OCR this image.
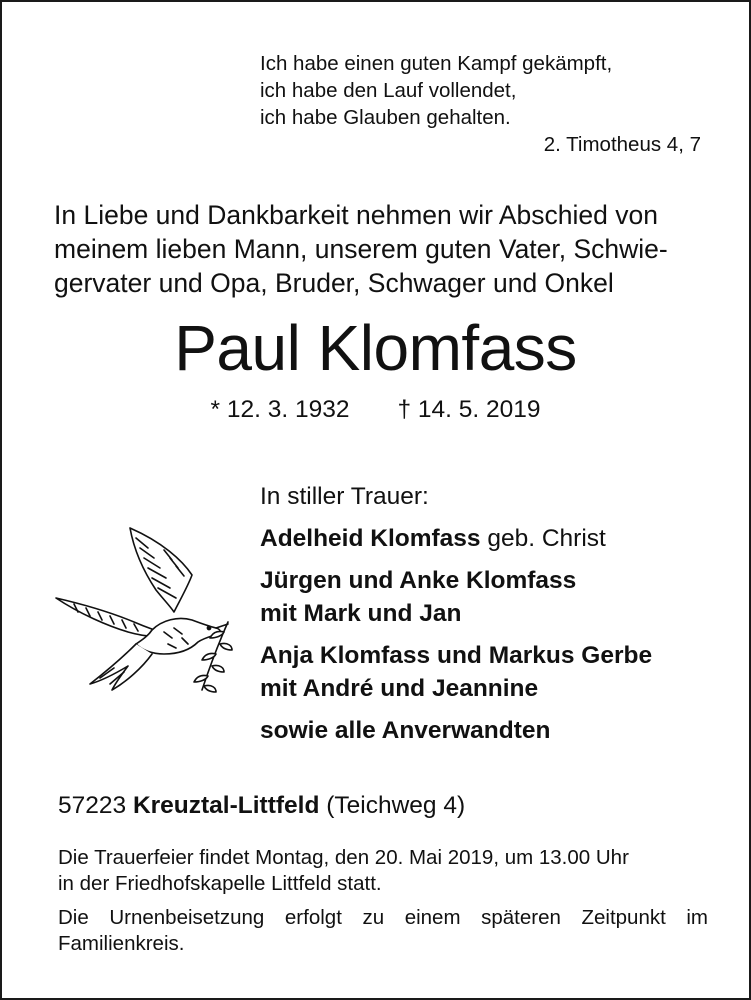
Ich habe einen guten Kampf gekämpft,
ich habe den Lauf vollendet,
ich habe Glauben gehalten.
2. Timotheus 4, 7
In Liebe und Dankbarkeit nehmen wir Abschied von
meinem lieben Mann, unserem guten Vater, Schwie-
gervater und Opa, Bruder, Schwager und Onkel
Paul Klomfass
* 12. 3. 1932 † 14. 5. 2019
In stiller Trauer:
Adelheid Klomfass geb. Christ
Jürgen und Anke Klomfass
mit Mark und Jan
Anja Klomfass und Markus Gerbe
mit André und Jeannine
sowie alle Anverwandten
57223 Kreuztal-Littfeld (Teichweg 4)
Die Trauerfeier findet Montag, den 20. Mai 2019, um 13.00 Uhr
in der Friedhofskapelle Littfeld statt.
Die Urnenbeisetzung erfolgt zu einem späteren Zeitpunkt im
Familienkreis.
